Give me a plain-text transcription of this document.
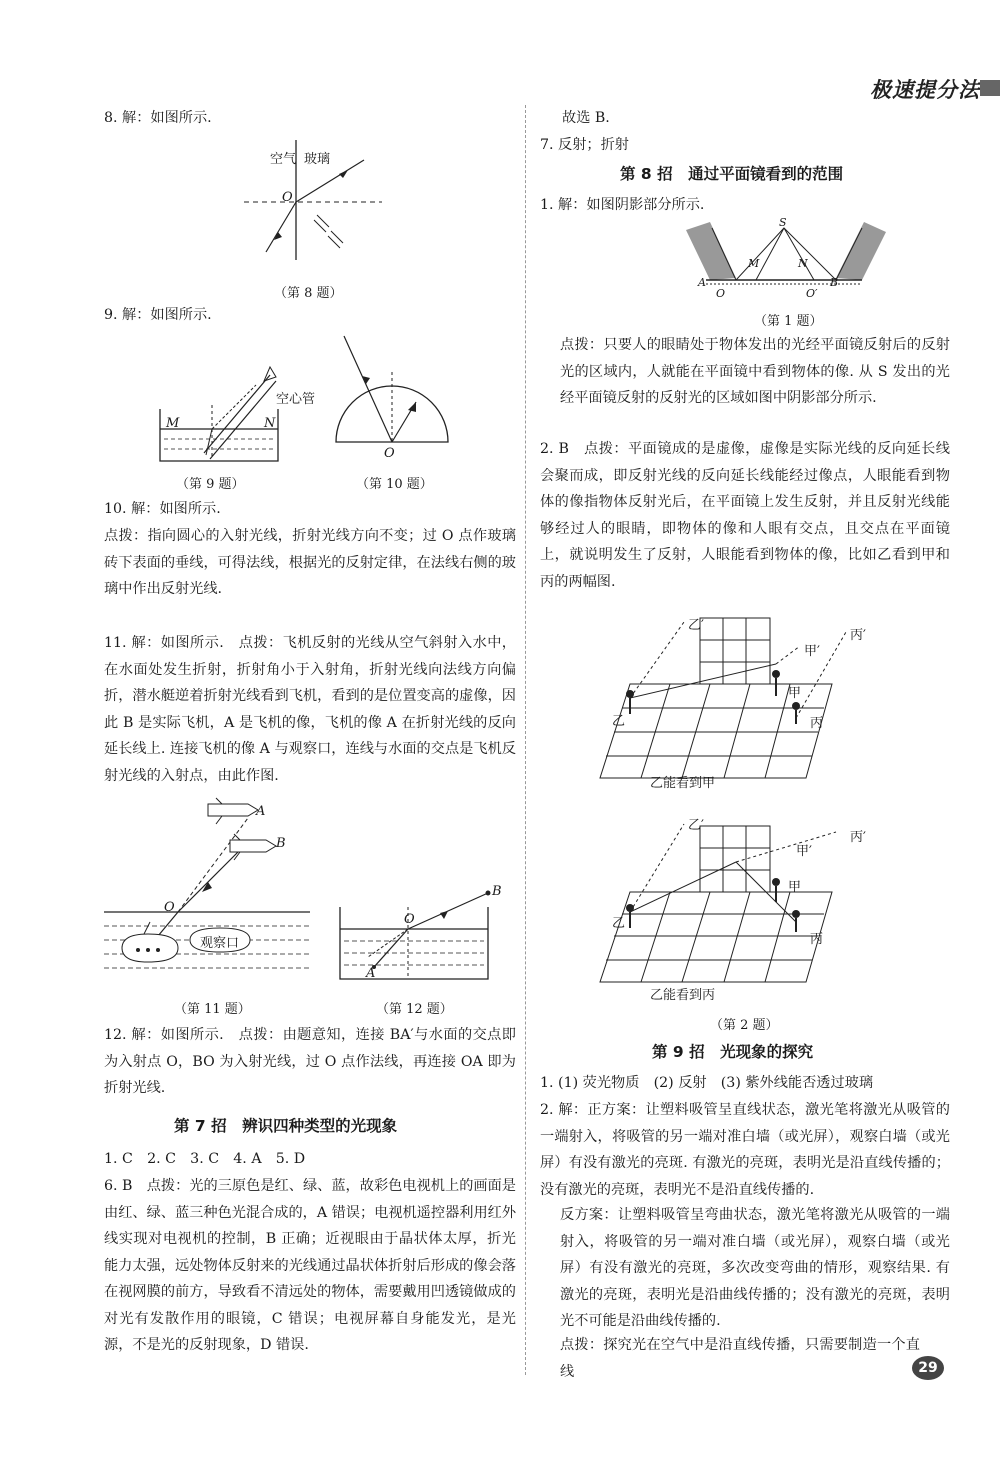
极速提分法
8. 解：如图所示.
空气 玻璃
O
（第 8 题）
9. 解：如图所示.
M	N
空心管
（第 9 题）
O
（第 10 题）
10. 解：如图所示.
点拨：指向圆心的入射光线，折射光线方向不变；过 O 点作玻璃砖下表面的垂线，可得法线，根据光的反射定律，在法线右侧的玻璃中作出反射光线.
11. 解：如图所示.　点拨：飞机反射的光线从空气斜射入水中，在水面处发生折射，折射角小于入射角，折射光线向法线方向偏折，潜水艇逆着折射光线看到飞机，看到的是位置变高的虚像，因此 B 是实际飞机，A 是飞机的像，飞机的像 A 在折射光线的反向延长线上. 连接飞机的像 A 与观察口，连线与水面的交点是飞机反射光线的入射点，由此作图.
A
B
O
观察口
（第 11 题）
B
O
A
（第 12 题）
12. 解：如图所示.　点拨：由题意知，连接 BA′与水面的交点即为入射点 O，BO 为入射光线，过 O 点作法线，再连接 OA 即为折射光线.
第 7 招　辨识四种类型的光现象
1. C　2. C　3. C　4. A　5. D
6. B　点拨：光的三原色是红、绿、蓝，故彩色电视机上的画面是由红、绿、蓝三种色光混合成的，A 错误；电视机遥控器利用红外线实现对电视机的控制，B 正确；近视眼由于晶状体太厚，折光能力太强，远处物体反射来的光线通过晶状体折射后形成的像会落在视网膜的前方，导致看不清远处的物体，需要戴用凹透镜做成的对光有发散作用的眼镜，C 错误；电视屏幕自身能发光，是光源，不是光的反射现象，D 错误.
故选 B.
7. 反射；折射
第 8 招　通过平面镜看到的范围
1. 解：如图阴影部分所示.
S
M	N
A
O	O′
B
（第 1 题）
点拨：只要人的眼睛处于物体发出的光经平面镜反射后的反射光的区域内，人就能在平面镜中看到物体的像. 从 S 发出的光经平面镜反射的反射光的区域如图中阴影部分所示.
2. B　点拨：平面镜成的是虚像，虚像是实际光线的反向延长线会聚而成，即反射光线的反向延长线能经过像点，人眼能看到物体的像指物体反射光后，在平面镜上发生反射，并且反射光线能够经过人的眼睛，即物体的像和人眼有交点，且交点在平面镜上，就说明发生了反射，人眼能看到物体的像，比如乙看到甲和丙的两幅图.
乙′
丙′
甲′
甲
乙	丙
乙能看到甲
乙′
丙′
甲′
甲
乙
丙
乙能看到丙
（第 2 题）
第 9 招　光现象的探究
1. (1) 荧光物质　(2) 反射　(3) 紫外线能否透过玻璃
2. 解：正方案：让塑料吸管呈直线状态，激光笔将激光从吸管的一端射入，将吸管的另一端对准白墙（或光屏），观察白墙（或光屏）有没有激光的亮斑. 有激光的亮斑，表明光是沿直线传播的；没有激光的亮斑，表明光不是沿直线传播的.
反方案：让塑料吸管呈弯曲状态，激光笔将激光从吸管的一端射入，将吸管的另一端对准白墙（或光屏），观察白墙（或光屏）有没有激光的亮斑，多次改变弯曲的情形，观察结果. 有激光的亮斑，表明光是沿曲线传播的；没有激光的亮斑，表明光不可能是沿曲线传播的.
点拨：探究光在空气中是沿直线传播，只需要制造一个直线	29
